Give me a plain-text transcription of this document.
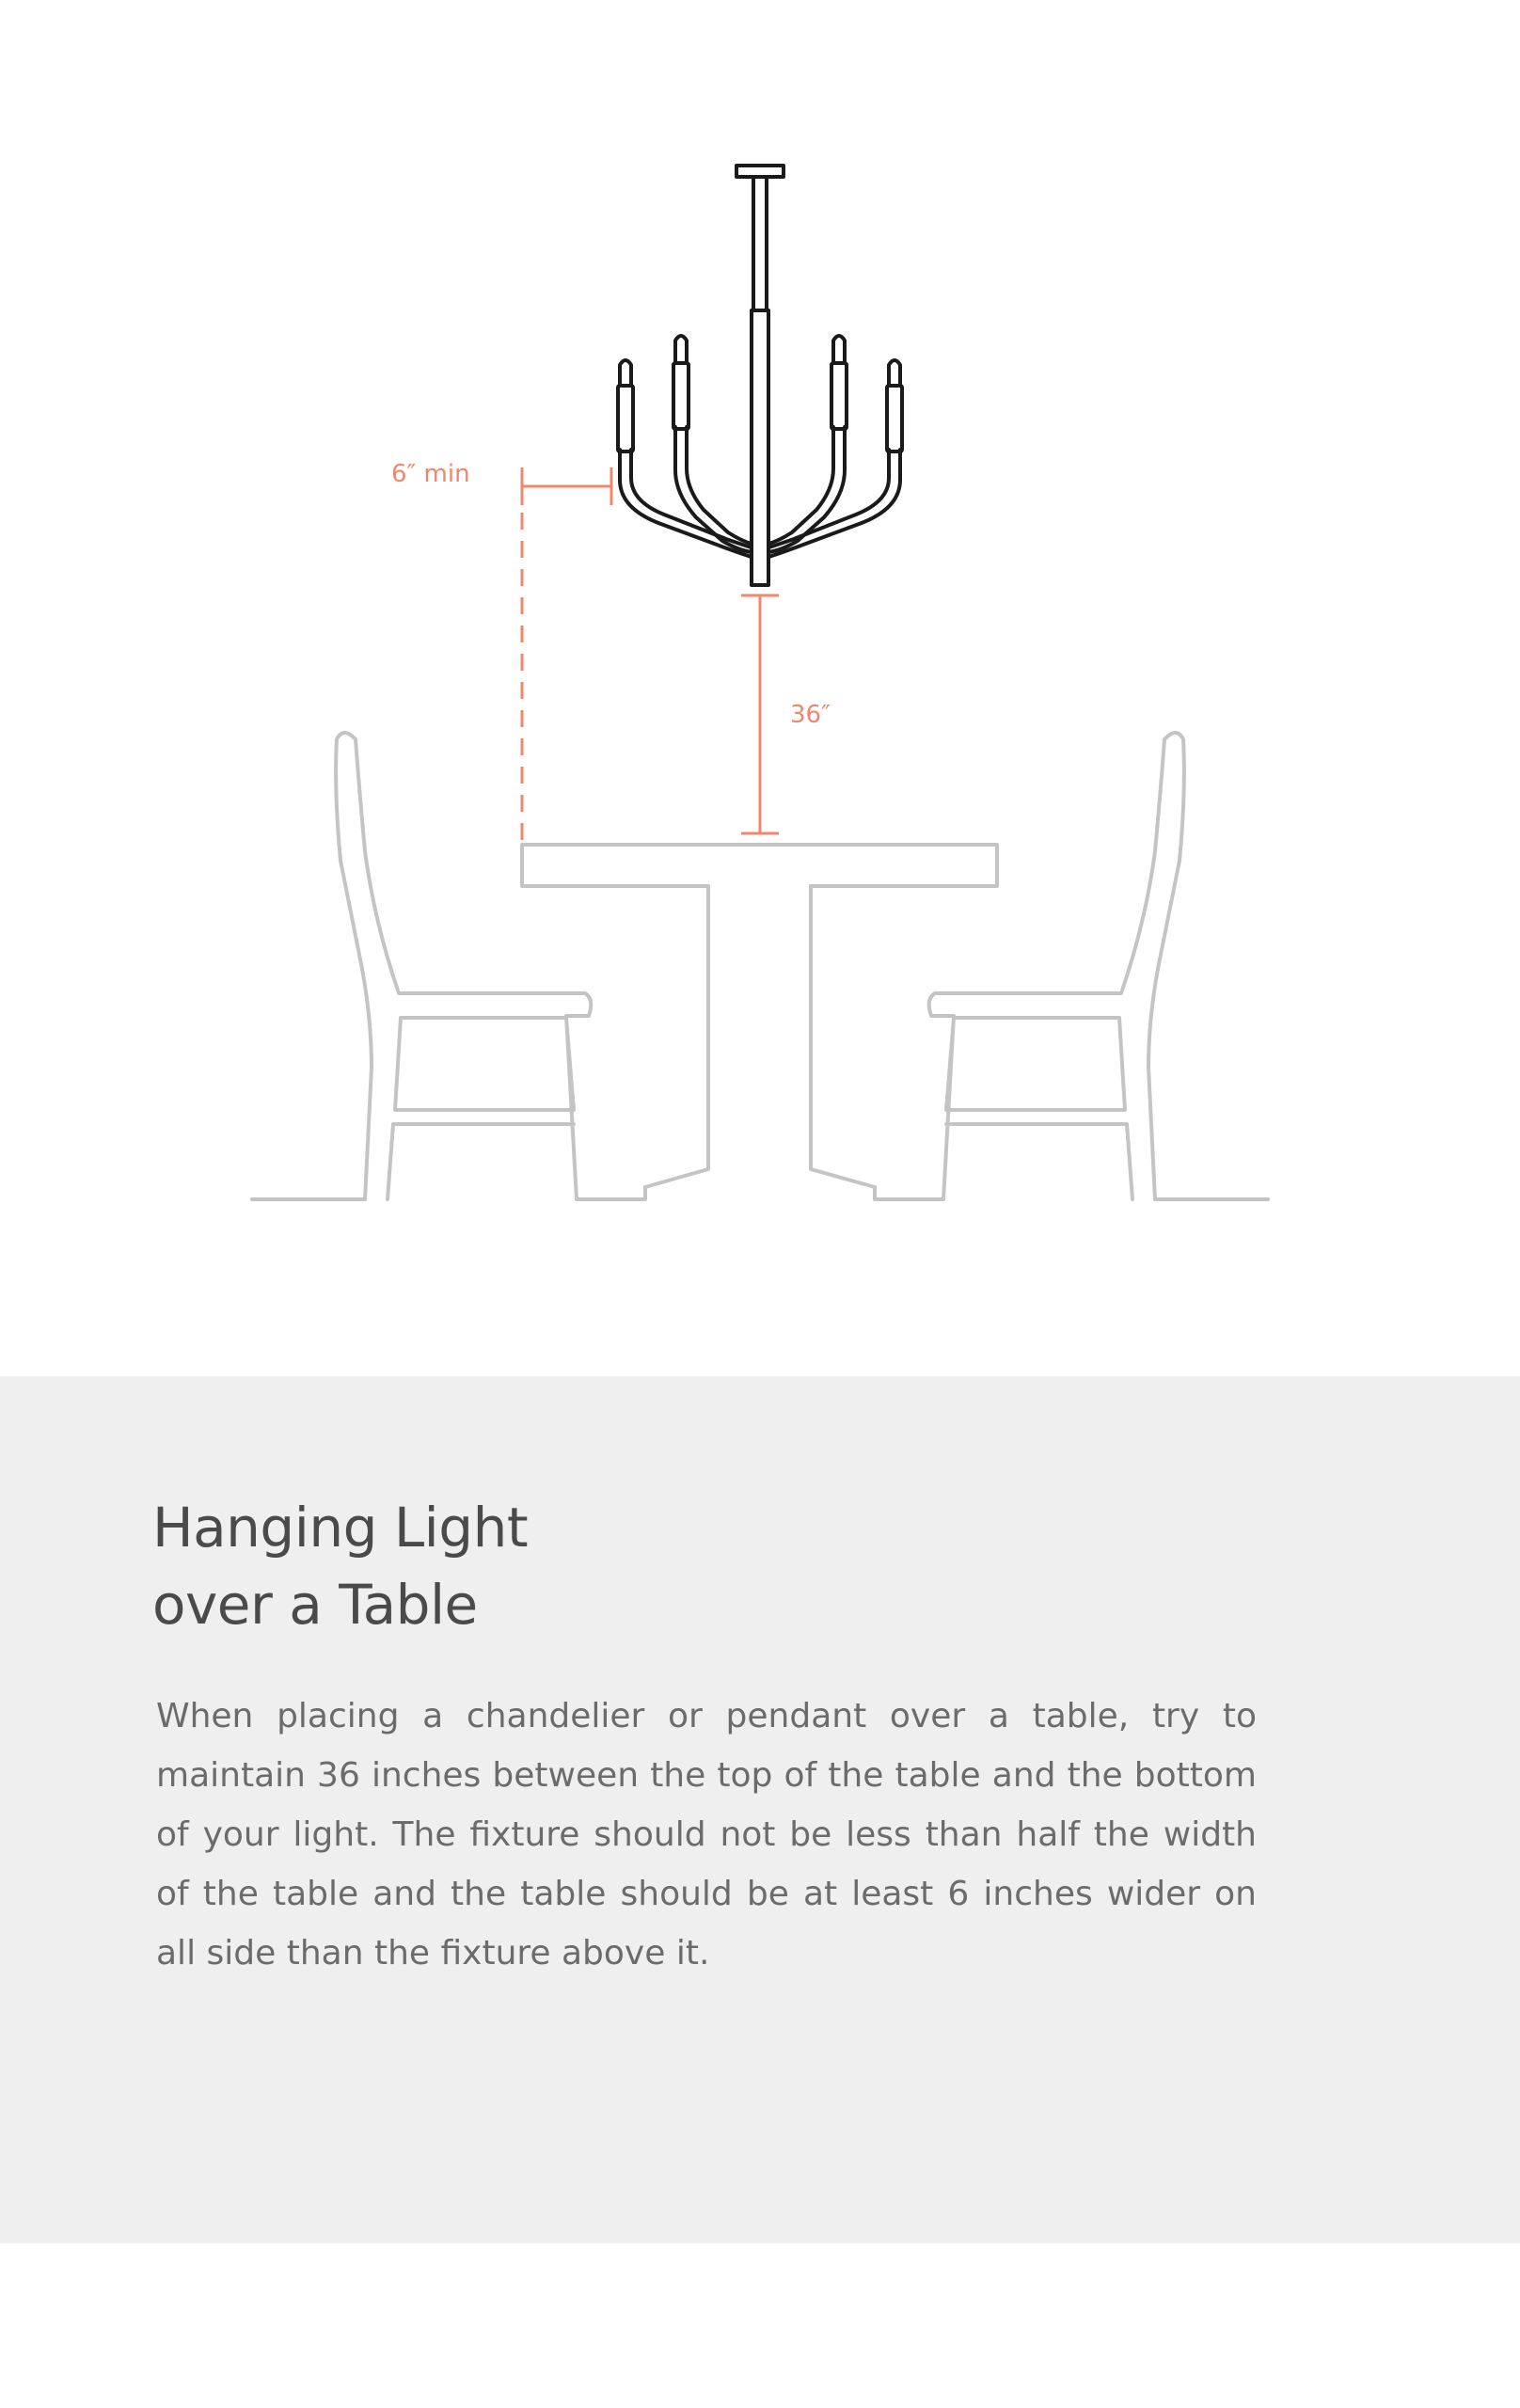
6″ min
36″
Hanging Light
over a Table

When placing a chandelier or pendant over a table, try to maintain 36 inches between the top of the table and the bottom of your light. The fixture should not be less than half the width of the table and the table should be at least 6 inches wider on all side than the fixture above it.
